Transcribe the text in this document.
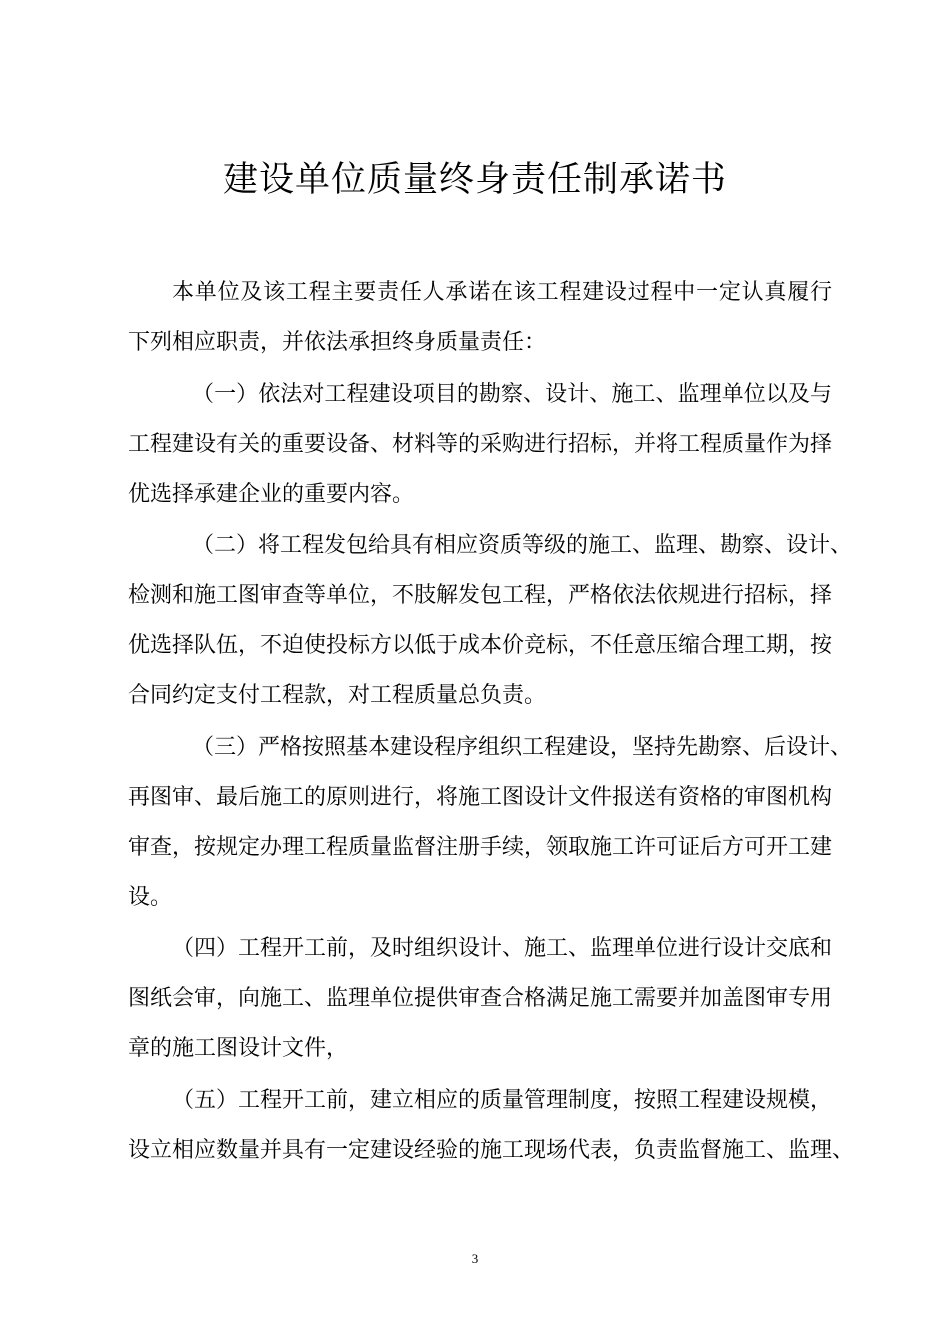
建设单位质量终身责任制承诺书
本单位及该工程主要责任人承诺在该工程建设过程中一定认真履行
下列相应职责，并依法承担终身质量责任：
（一）依法对工程建设项目的勘察、设计、施工、监理单位以及与
工程建设有关的重要设备、材料等的采购进行招标，并将工程质量作为择
优选择承建企业的重要内容。
（二）将工程发包给具有相应资质等级的施工、监理、勘察、设计、
检测和施工图审查等单位，不肢解发包工程，严格依法依规进行招标，择
优选择队伍，不迫使投标方以低于成本价竞标，不任意压缩合理工期，按
合同约定支付工程款，对工程质量总负责。
（三）严格按照基本建设程序组织工程建设，坚持先勘察、后设计、
再图审、最后施工的原则进行，将施工图设计文件报送有资格的审图机构
审查，按规定办理工程质量监督注册手续，领取施工许可证后方可开工建
设。
（四）工程开工前，及时组织设计、施工、监理单位进行设计交底和
图纸会审，向施工、监理单位提供审查合格满足施工需要并加盖图审专用
章的施工图设计文件，
（五）工程开工前，建立相应的质量管理制度，按照工程建设规模，
设立相应数量并具有一定建设经验的施工现场代表，负责监督施工、监理、
3
